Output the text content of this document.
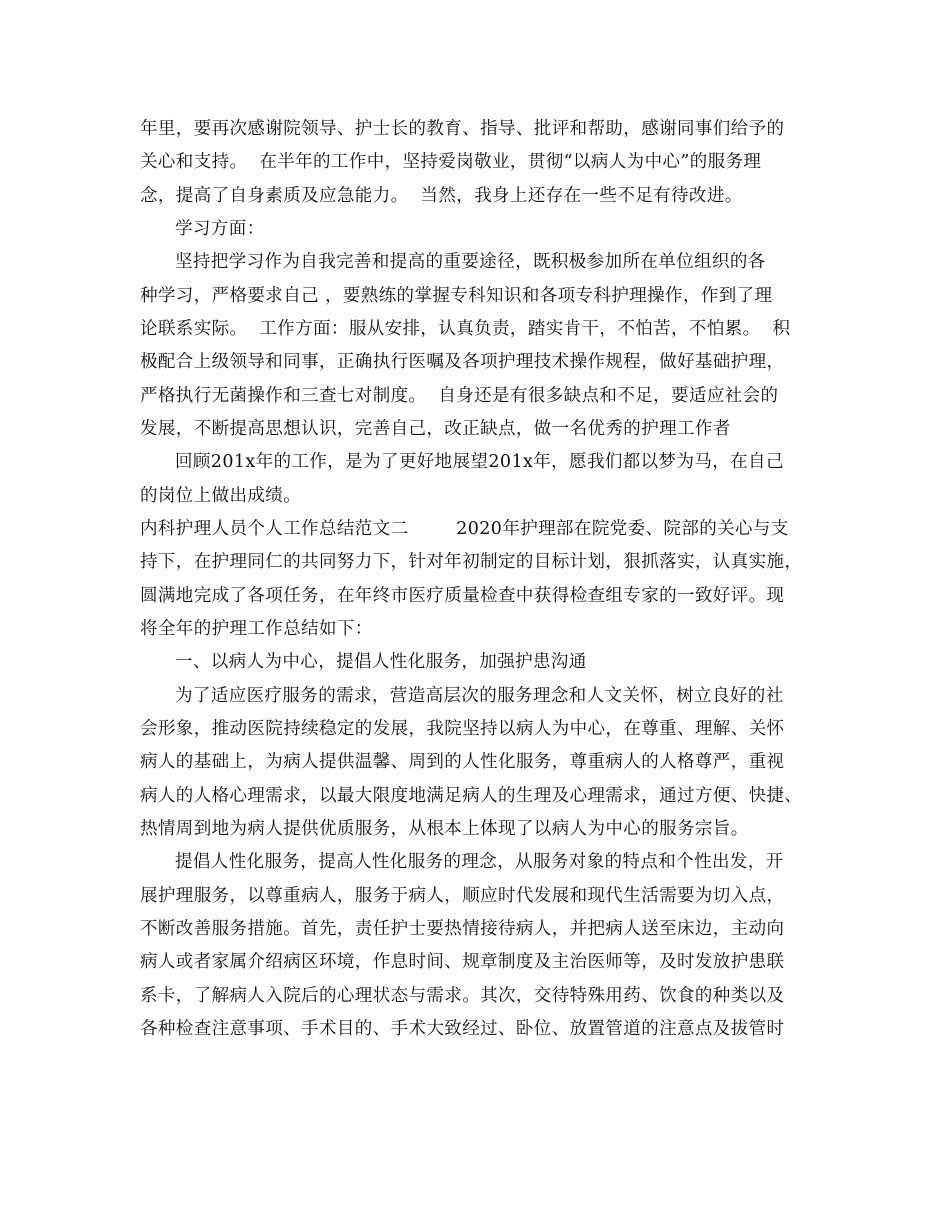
年里，要再次感谢院领导、护士长的教育、指导、批评和帮助，感谢同事们给予的
关心和支持。  在半年的工作中，坚持爱岗敬业，贯彻“以病人为中心”的服务理
念，提高了自身素质及应急能力。  当然，我身上还存在一些不足有待改进。
学习方面：
坚持把学习作为自我完善和提高的重要途径，既积极参加所在单位组织的各
种学习，严格要求自己 ，要熟练的掌握专科知识和各项专科护理操作，作到了理
论联系实际。  工作方面：服从安排，认真负责，踏实肯干，不怕苦，不怕累。  积
极配合上级领导和同事，正确执行医嘱及各项护理技术操作规程，做好基础护理，
严格执行无菌操作和三查七对制度。  自身还是有很多缺点和不足，要适应社会的
发展，不断提高思想认识，完善自己，改正缺点，做一名优秀的护理工作者
回顾201x年的工作，是为了更好地展望201x年，愿我们都以梦为马，在自己
的岗位上做出成绩。
内科护理人员个人工作总结范文二        2020年护理部在院党委、院部的关心与支
持下，在护理同仁的共同努力下，针对年初制定的目标计划，狠抓落实，认真实施，
圆满地完成了各项任务，在年终市医疗质量检查中获得检查组专家的一致好评。现
将全年的护理工作总结如下：
一、以病人为中心，提倡人性化服务，加强护患沟通
为了适应医疗服务的需求，营造高层次的服务理念和人文关怀，树立良好的社
会形象，推动医院持续稳定的发展，我院坚持以病人为中心，在尊重、理解、关怀
病人的基础上，为病人提供温馨、周到的人性化服务，尊重病人的人格尊严，重视
病人的人格心理需求，以最大限度地满足病人的生理及心理需求，通过方便、快捷、
热情周到地为病人提供优质服务，从根本上体现了以病人为中心的服务宗旨。
提倡人性化服务，提高人性化服务的理念，从服务对象的特点和个性出发，开
展护理服务，以尊重病人，服务于病人，顺应时代发展和现代生活需要为切入点，
不断改善服务措施。首先，责任护士要热情接待病人，并把病人送至床边，主动向
病人或者家属介绍病区环境，作息时间、规章制度及主治医师等，及时发放护患联
系卡，了解病人入院后的心理状态与需求。其次，交待特殊用药、饮食的种类以及
各种检查注意事项、手术目的、手术大致经过、卧位、放置管道的注意点及拔管时
